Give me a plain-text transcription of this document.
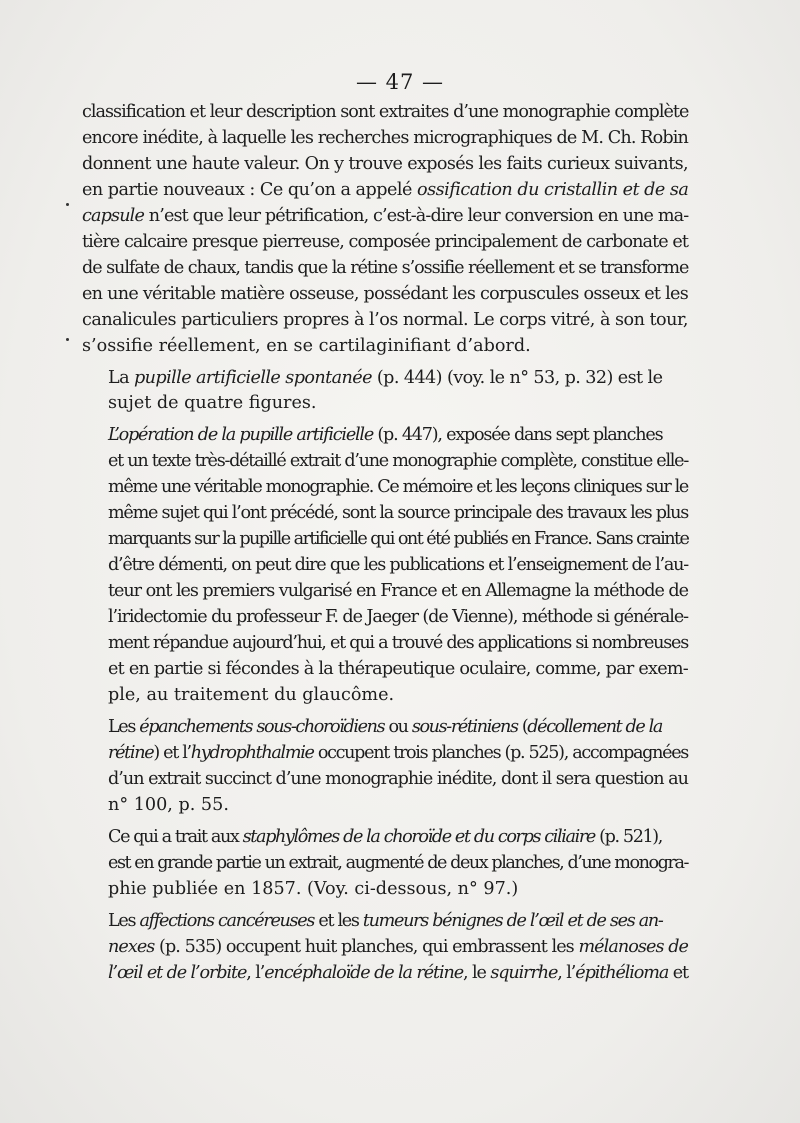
— 47 —

classification et leur description sont extraites d’une monographie complète
encore inédite, à laquelle les recherches micrographiques de M. Ch. Robin
donnent une haute valeur. On y trouve exposés les faits curieux suivants,
en partie nouveaux : Ce qu’on a appelé ossification du cristallin et de sa
capsule n’est que leur pétrification, c’est-à-dire leur conversion en une ma-
tière calcaire presque pierreuse, composée principalement de carbonate et
de sulfate de chaux, tandis que la rétine s’ossifie réellement et se transforme
en une véritable matière osseuse, possédant les corpuscules osseux et les
canalicules particuliers propres à l’os normal. Le corps vitré, à son tour,
s’ossifie réellement, en se cartilaginifiant d’abord.

La pupille artificielle spontanée (p. 444) (voy. le n° 53, p. 32) est le
sujet de quatre figures.

L’opération de la pupille artificielle (p. 447), exposée dans sept planches
et un texte très-détaillé extrait d’une monographie complète, constitue elle-
même une véritable monographie. Ce mémoire et les leçons cliniques sur le
même sujet qui l’ont précédé, sont la source principale des travaux les plus
marquants sur la pupille artificielle qui ont été publiés en France. Sans crainte
d’être démenti, on peut dire que les publications et l’enseignement de l’au-
teur ont les premiers vulgarisé en France et en Allemagne la méthode de
l’iridectomie du professeur F. de Jaeger (de Vienne), méthode si générale-
ment répandue aujourd’hui, et qui a trouvé des applications si nombreuses
et en partie si fécondes à la thérapeutique oculaire, comme, par exem-
ple, au traitement du glaucôme.

Les épanchements sous-choroïdiens ou sous-rétiniens (décollement de la
rétine) et l’hydrophthalmie occupent trois planches (p. 525), accompagnées
d’un extrait succinct d’une monographie inédite, dont il sera question au
n° 100, p. 55.

Ce qui a trait aux staphylômes de la choroïde et du corps ciliaire (p. 521),
est en grande partie un extrait, augmenté de deux planches, d’une monogra-
phie publiée en 1857. (Voy. ci-dessous, n° 97.)

Les affections cancéreuses et les tumeurs bénignes de l’œil et de ses an-
nexes (p. 535) occupent huit planches, qui embrassent les mélanoses de
l’œil et de l’orbite, l’encéphaloïde de la rétine, le squirrhe, l’épithélioma et
